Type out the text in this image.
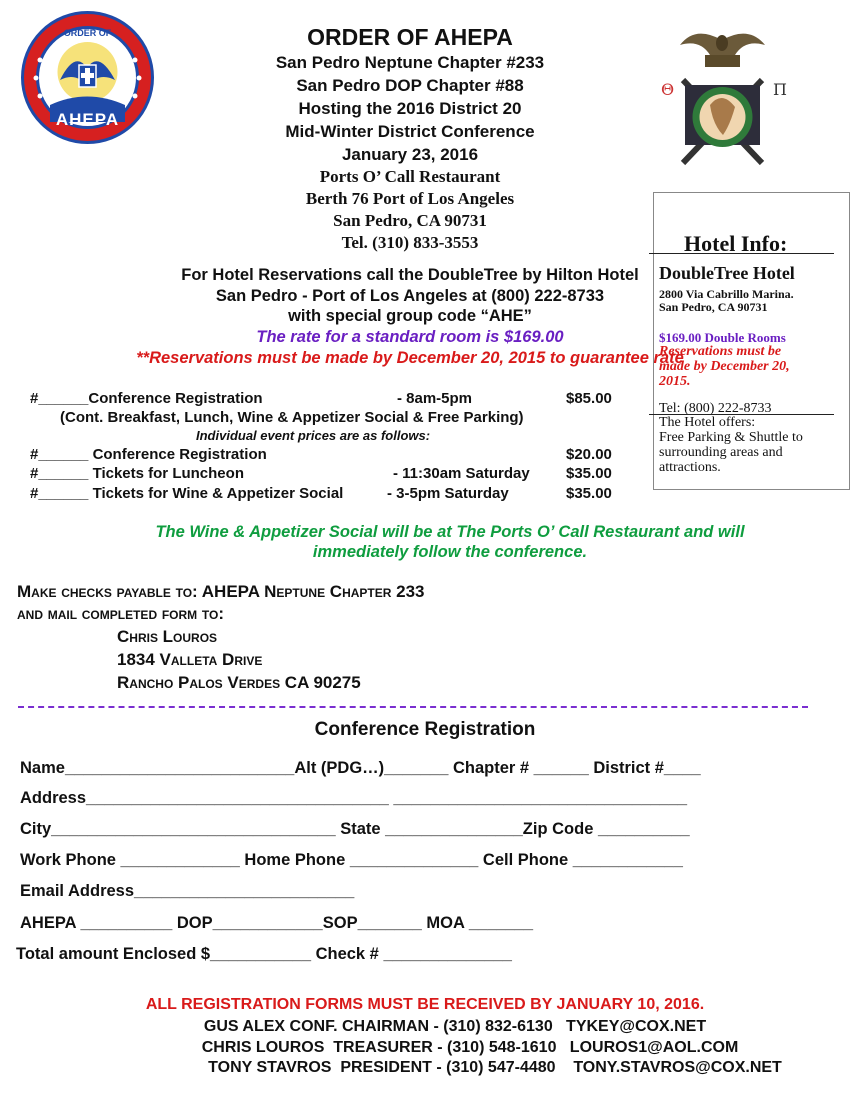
ORDER OF
AHEPA
Θ	Π
ORDER OF AHEPA
San Pedro Neptune Chapter #233
San Pedro DOP Chapter #88
Hosting the 2016 District 20
Mid-Winter District Conference
January 23, 2016
Ports O’ Call Restaurant
Berth 76 Port of Los Angeles
San Pedro, CA 90731
Tel. (310) 833-3553
For Hotel Reservations call the DoubleTree by Hilton Hotel
San Pedro - Port of Los Angeles at (800) 222-8733
with special group code “AHE”
The rate for a standard room is $169.00
**Reservations must be made by December 20, 2015 to guarantee rate
Hotel Info:
DoubleTree Hotel
2800 Via Cabrillo Marina.
San Pedro, CA 90731
$169.00 Double Rooms
Reservations must be
made by December 20,
2015.
Tel: (800) 222-8733
The Hotel offers:
Free Parking & Shuttle to
surrounding areas and
attractions.
#______Conference Registration	- 8am-5pm	$85.00
(Cont. Breakfast, Lunch, Wine & Appetizer Social & Free Parking)
Individual event prices are as follows:
#______ Conference Registration	$20.00
#______ Tickets for Luncheon	- 11:30am Saturday $35.00
#______ Tickets for Wine & Appetizer Social	- 3-5pm Saturday	$35.00
The Wine & Appetizer Social will be at The Ports O’ Call Restaurant and will
immediately follow the conference.
Make checks payable to: AHEPA Neptune Chapter 233
and mail completed form to:
Chris Louros
1834 Valleta Drive
Rancho Palos Verdes CA 90275
Conference Registration
Name_________________________Alt (PDG…)_______ Chapter # ______ District #____
Address_________________________________ ________________________________
City_______________________________ State _______________Zip Code __________
Work Phone _____________ Home Phone ______________ Cell Phone ____________
Email Address________________________
AHEPA __________ DOP____________SOP_______ MOA _______
Total amount Enclosed $___________ Check # ______________
ALL REGISTRATION FORMS MUST BE RECEIVED BY JANUARY 10, 2016.
GUS ALEX CONF. CHAIRMAN - (310) 832-6130   TYKEY@COX.NET
CHRIS LOUROS  TREASURER - (310) 548-1610   LOUROS1@AOL.COM
TONY STAVROS  PRESIDENT - (310) 547-4480    TONY.STAVROS@COX.NET
